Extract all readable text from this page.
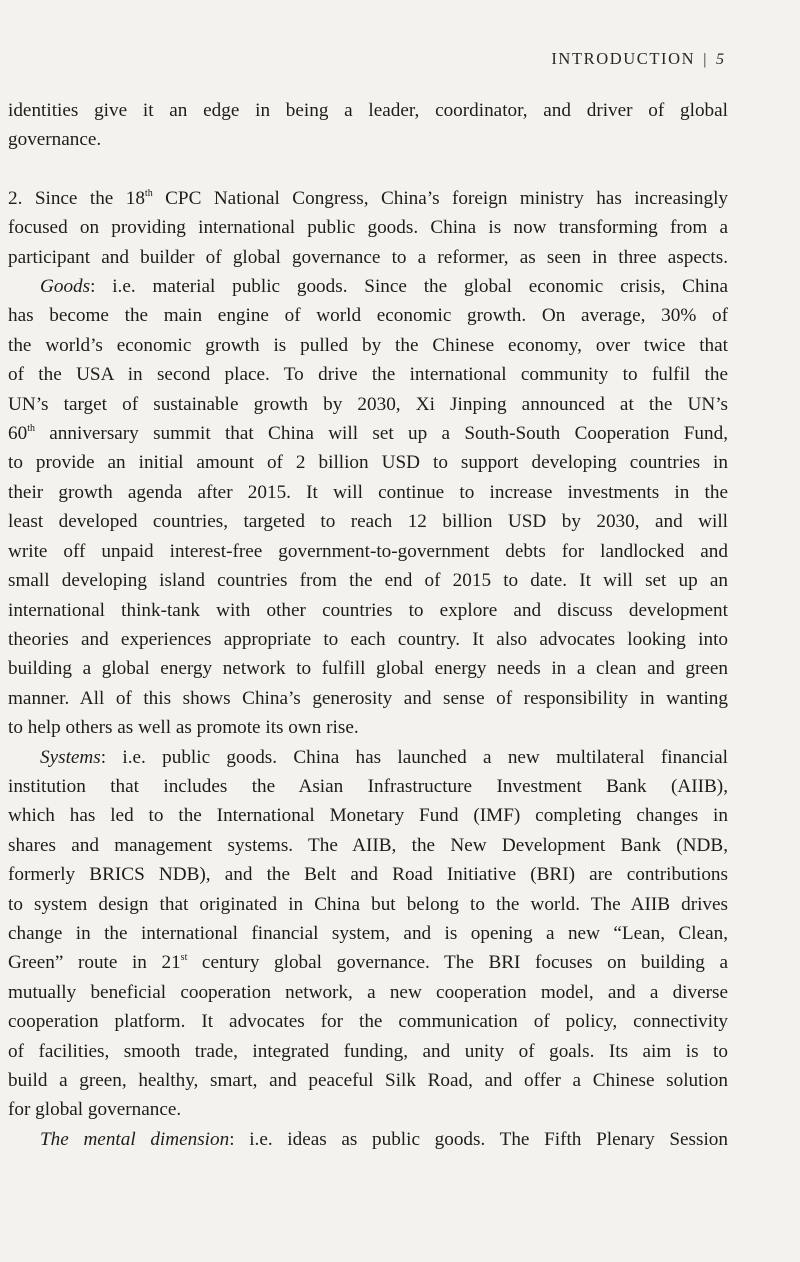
INTRODUCTION | 5
identities give it an edge in being a leader, coordinator, and driver of global
governance.
2. Since the 18th CPC National Congress, China’s foreign ministry has increasingly
focused on providing international public goods. China is now transforming from a
participant and builder of global governance to a reformer, as seen in three aspects.
Goods: i.e. material public goods. Since the global economic crisis, China
has become the main engine of world economic growth. On average, 30% of
the world’s economic growth is pulled by the Chinese economy, over twice that
of the USA in second place. To drive the international community to fulfil the
UN’s target of sustainable growth by 2030, Xi Jinping announced at the UN’s
60th anniversary summit that China will set up a South-South Cooperation Fund,
to provide an initial amount of 2 billion USD to support developing countries in
their growth agenda after 2015. It will continue to increase investments in the
least developed countries, targeted to reach 12 billion USD by 2030, and will
write off unpaid interest-free government-to-government debts for landlocked and
small developing island countries from the end of 2015 to date. It will set up an
international think-tank with other countries to explore and discuss development
theories and experiences appropriate to each country. It also advocates looking into
building a global energy network to fulfill global energy needs in a clean and green
manner. All of this shows China’s generosity and sense of responsibility in wanting
to help others as well as promote its own rise.
Systems: i.e. public goods. China has launched a new multilateral financial
institution that includes the Asian Infrastructure Investment Bank (AIIB),
which has led to the International Monetary Fund (IMF) completing changes in
shares and management systems. The AIIB, the New Development Bank (NDB,
formerly BRICS NDB), and the Belt and Road Initiative (BRI) are contributions
to system design that originated in China but belong to the world. The AIIB drives
change in the international financial system, and is opening a new “Lean, Clean,
Green” route in 21st century global governance. The BRI focuses on building a
mutually beneficial cooperation network, a new cooperation model, and a diverse
cooperation platform. It advocates for the communication of policy, connectivity
of facilities, smooth trade, integrated funding, and unity of goals. Its aim is to
build a green, healthy, smart, and peaceful Silk Road, and offer a Chinese solution
for global governance.
The mental dimension: i.e. ideas as public goods. The Fifth Plenary Session
